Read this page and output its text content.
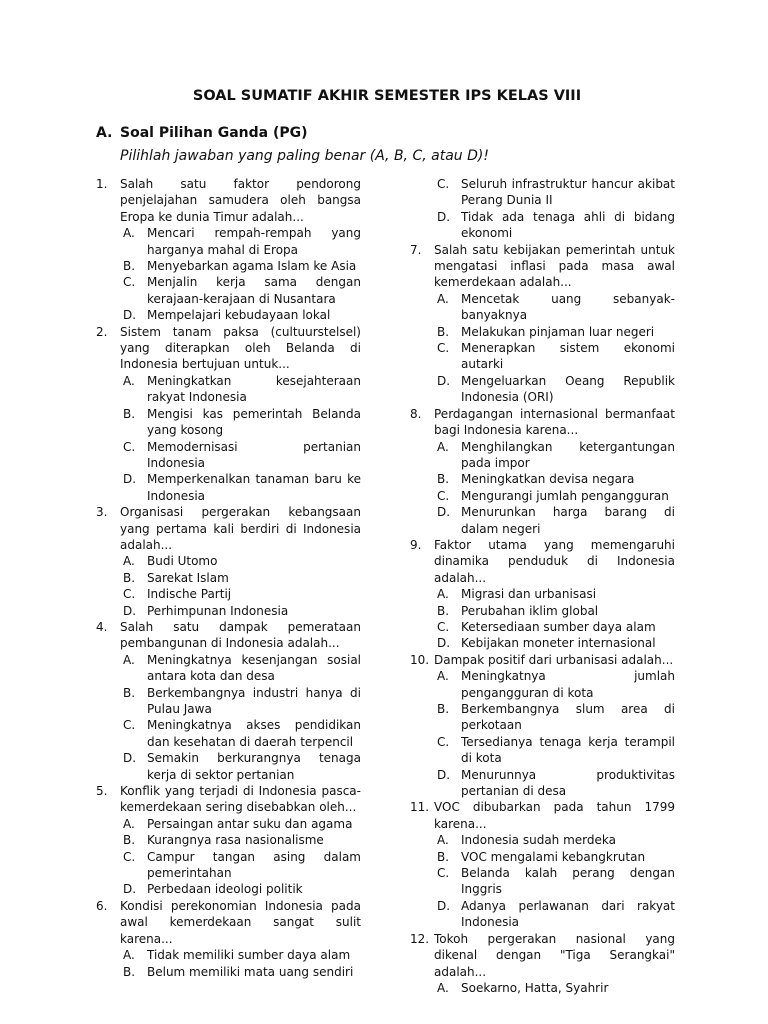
SOAL SUMATIF AKHIR SEMESTER IPS KELAS VIII
A. Soal Pilihan Ganda (PG)
Pilihlah jawaban yang paling benar (A, B, C, atau D)!
1.	Salah satu faktor pendorong penjelajahan samudera oleh bangsa Eropa ke dunia Timur adalah...
A. Mencari rempah-rempah yang harganya mahal di Eropa
B. Menyebarkan agama Islam ke Asia
C. Menjalin kerja sama dengan kerajaan-kerajaan di Nusantara
D. Mempelajari kebudayaan lokal
2.	Sistem tanam paksa (cultuurstelsel) yang diterapkan oleh Belanda di Indonesia bertujuan untuk...
A. Meningkatkan kesejahteraan rakyat Indonesia
B. Mengisi kas pemerintah Belanda yang kosong
C. Memodernisasi pertanian Indonesia
D. Memperkenalkan tanaman baru ke Indonesia
3.	Organisasi pergerakan kebangsaan yang pertama kali berdiri di Indonesia adalah...
A. Budi Utomo
B. Sarekat Islam
C. Indische Partij
D. Perhimpunan Indonesia
4.	Salah satu dampak pemerataan pembangunan di Indonesia adalah...
A. Meningkatnya kesenjangan sosial antara kota dan desa
B. Berkembangnya industri hanya di Pulau Jawa
C. Meningkatnya akses pendidikan dan kesehatan di daerah terpencil
D. Semakin berkurangnya tenaga kerja di sektor pertanian
5.	Konflik yang terjadi di Indonesia pasca-kemerdekaan sering disebabkan oleh...
A. Persaingan antar suku dan agama
B. Kurangnya rasa nasionalisme
C. Campur tangan asing dalam pemerintahan
D. Perbedaan ideologi politik
6.	Kondisi perekonomian Indonesia pada awal kemerdekaan sangat sulit karena...
A. Tidak memiliki sumber daya alam
B. Belum memiliki mata uang sendiri
C. Seluruh infrastruktur hancur akibat Perang Dunia II
D. Tidak ada tenaga ahli di bidang ekonomi
7.	Salah satu kebijakan pemerintah untuk mengatasi inflasi pada masa awal kemerdekaan adalah...
A. Mencetak uang sebanyak-banyaknya
B. Melakukan pinjaman luar negeri
C. Menerapkan sistem ekonomi autarki
D. Mengeluarkan Oeang Republik Indonesia (ORI)
8.	Perdagangan internasional bermanfaat bagi Indonesia karena...
A. Menghilangkan ketergantungan pada impor
B. Meningkatkan devisa negara
C. Mengurangi jumlah pengangguran
D. Menurunkan harga barang di dalam negeri
9.	Faktor utama yang memengaruhi dinamika penduduk di Indonesia adalah...
A. Migrasi dan urbanisasi
B. Perubahan iklim global
C. Ketersediaan sumber daya alam
D. Kebijakan moneter internasional
10. Dampak positif dari urbanisasi adalah...
A. Meningkatnya jumlah pengangguran di kota
B. Berkembangnya slum area di perkotaan
C. Tersedianya tenaga kerja terampil di kota
D. Menurunnya produktivitas pertanian di desa
11. VOC dibubarkan pada tahun 1799 karena...
A. Indonesia sudah merdeka
B. VOC mengalami kebangkrutan
C. Belanda kalah perang dengan Inggris
D. Adanya perlawanan dari rakyat Indonesia
12. Tokoh pergerakan nasional yang dikenal dengan "Tiga Serangkai" adalah...
A. Soekarno, Hatta, Syahrir
